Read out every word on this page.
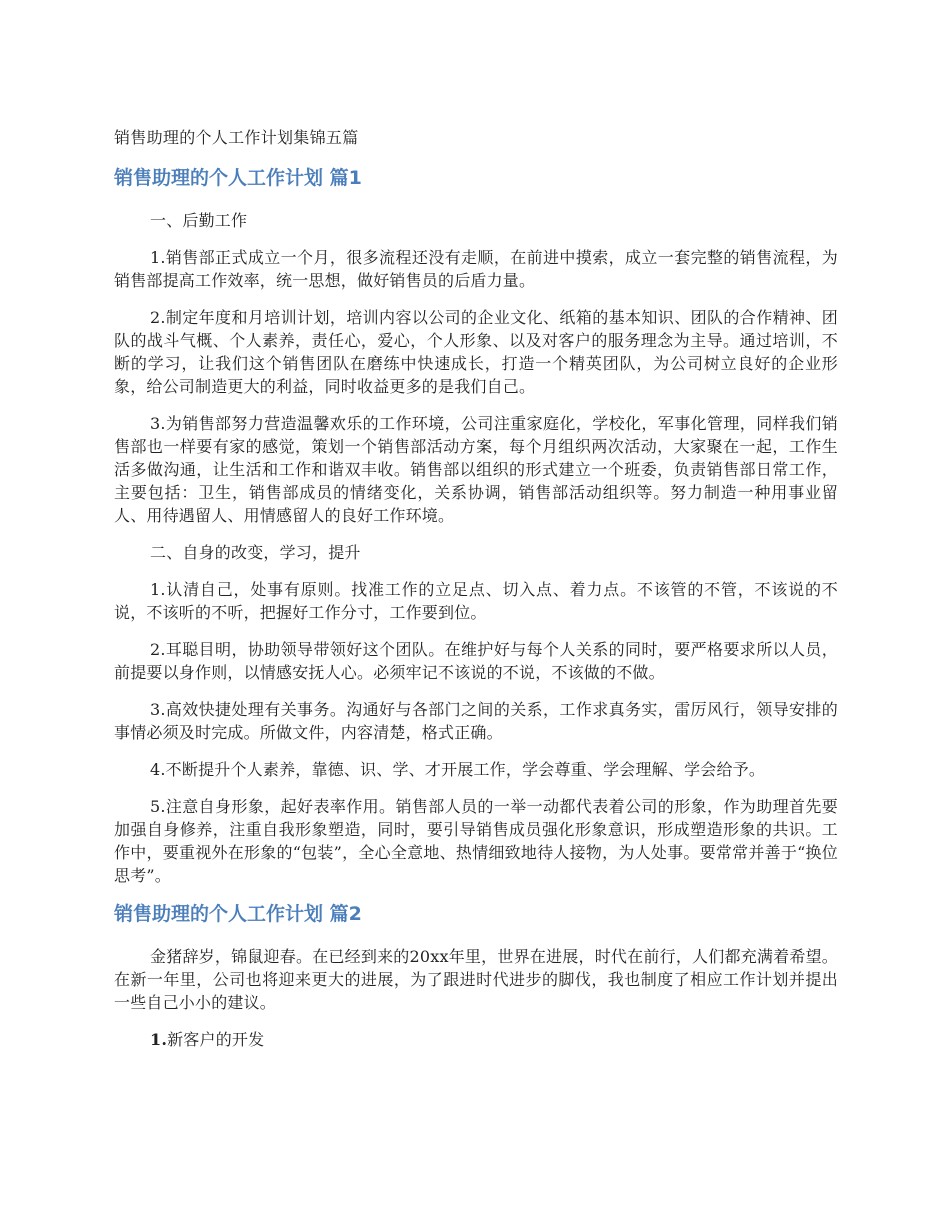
销售助理的个人工作计划集锦五篇
销售助理的个人工作计划 篇1

一、后勤工作

1.销售部正式成立一个月，很多流程还没有走顺，在前进中摸索，成立一套完整的销售流程，为销售部提高工作效率，统一思想，做好销售员的后盾力量。

2.制定年度和月培训计划，培训内容以公司的企业文化、纸箱的基本知识、团队的合作精神、团队的战斗气概、个人素养，责任心，爱心，个人形象、以及对客户的服务理念为主导。通过培训，不断的学习，让我们这个销售团队在磨练中快速成长，打造一个精英团队，为公司树立良好的企业形象，给公司制造更大的利益，同时收益更多的是我们自己。

3.为销售部努力营造温馨欢乐的工作环境，公司注重家庭化，学校化，军事化管理，同样我们销售部也一样要有家的感觉，策划一个销售部活动方案，每个月组织两次活动，大家聚在一起，工作生活多做沟通，让生活和工作和谐双丰收。销售部以组织的形式建立一个班委，负责销售部日常工作，主要包括：卫生，销售部成员的情绪变化，关系协调，销售部活动组织等。努力制造一种用事业留人、用待遇留人、用情感留人的良好工作环境。

二、自身的改变，学习，提升

1.认清自己，处事有原则。找准工作的立足点、切入点、着力点。不该管的不管，不该说的不说，不该听的不听，把握好工作分寸，工作要到位。

2.耳聪目明，协助领导带领好这个团队。在维护好与每个人关系的同时，要严格要求所以人员，前提要以身作则，以情感安抚人心。必须牢记不该说的不说，不该做的不做。

3.高效快捷处理有关事务。沟通好与各部门之间的关系，工作求真务实，雷厉风行，领导安排的事情必须及时完成。所做文件，内容清楚，格式正确。

4.不断提升个人素养，靠德、识、学、才开展工作，学会尊重、学会理解、学会给予。

5.注意自身形象，起好表率作用。销售部人员的一举一动都代表着公司的形象，作为助理首先要加强自身修养，注重自我形象塑造，同时，要引导销售成员强化形象意识，形成塑造形象的共识。工作中，要重视外在形象的“包装”，全心全意地、热情细致地待人接物，为人处事。要常常并善于“换位思考”。

销售助理的个人工作计划 篇2

金猪辞岁，锦鼠迎春。在已经到来的20xx年里，世界在进展，时代在前行，人们都充满着希望。在新一年里，公司也将迎来更大的进展，为了跟进时代进步的脚伐，我也制度了相应工作计划并提出一些自己小小的建议。

1.新客户的开发
